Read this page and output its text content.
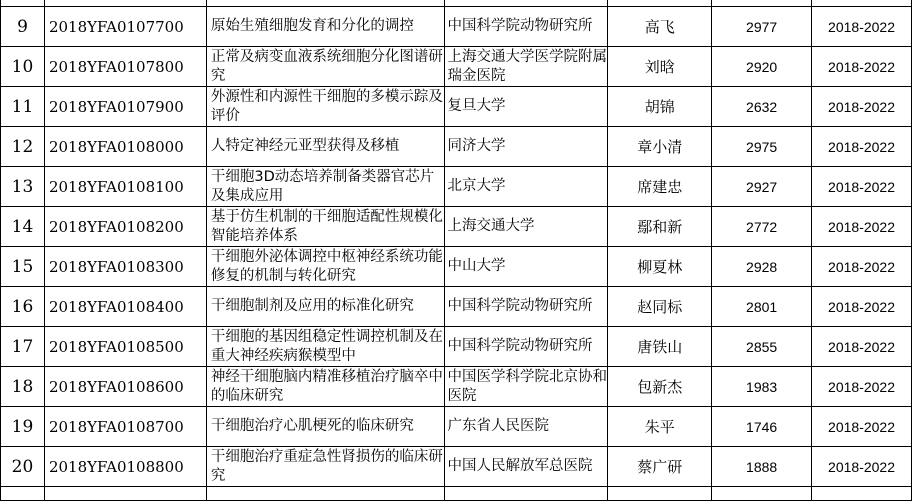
9	2018YFA0107700	原始生殖细胞发育和分化的调控	中国科学院动物研究所	高飞	2977	2018-2022
10	2018YFA0107800	正常及病变血液系统细胞分化图谱研究	上海交通大学医学院附属瑞金医院	刘晗	2920	2018-2022
11	2018YFA0107900	外源性和内源性干细胞的多模示踪及评价	复旦大学	胡锦	2632	2018-2022
12	2018YFA0108000	人特定神经元亚型获得及移植	同济大学	章小清	2975	2018-2022
13	2018YFA0108100	干细胞3D动态培养制备类器官芯片及集成应用	北京大学	席建忠	2927	2018-2022
14	2018YFA0108200	基于仿生机制的干细胞适配性规模化智能培养体系	上海交通大学	鄢和新	2772	2018-2022
15	2018YFA0108300	干细胞外泌体调控中枢神经系统功能修复的机制与转化研究	中山大学	柳夏林	2928	2018-2022
16	2018YFA0108400	干细胞制剂及应用的标准化研究	中国科学院动物研究所	赵同标	2801	2018-2022
17	2018YFA0108500	干细胞的基因组稳定性调控机制及在重大神经疾病猴模型中	中国科学院动物研究所	唐铁山	2855	2018-2022
18	2018YFA0108600	神经干细胞脑内精准移植治疗脑卒中的临床研究	中国医学科学院北京协和医院	包新杰	1983	2018-2022
19	2018YFA0108700	干细胞治疗心肌梗死的临床研究	广东省人民医院	朱平	1746	2018-2022
20	2018YFA0108800	干细胞治疗重症急性肾损伤的临床研究	中国人民解放军总医院	蔡广研	1888	2018-2022
